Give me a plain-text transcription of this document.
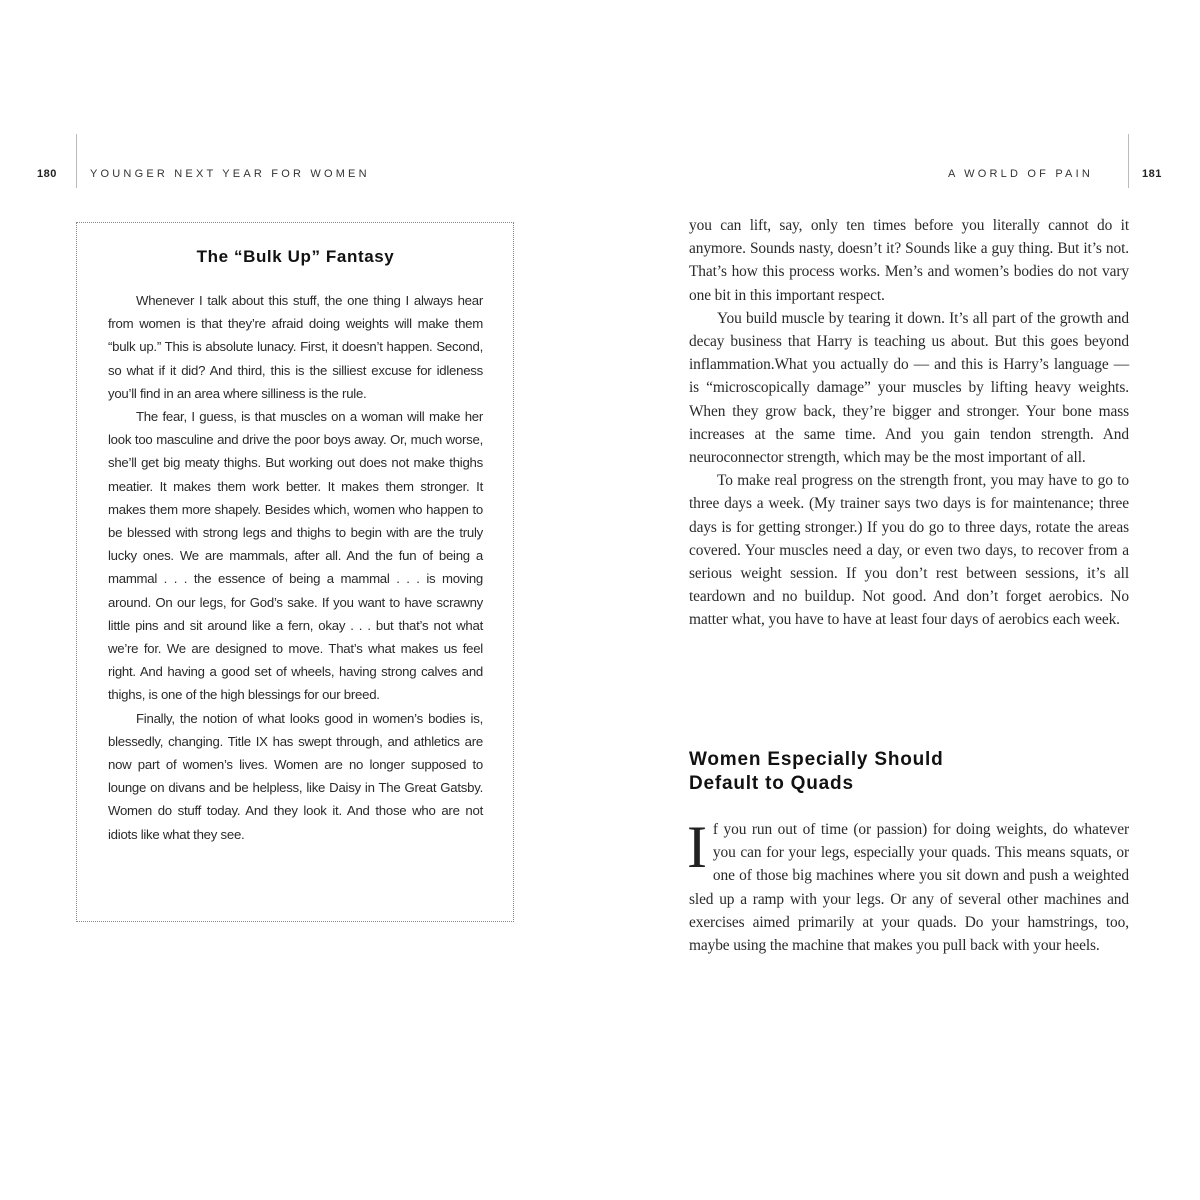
180	YOUNGER NEXT YEAR FOR WOMEN
The “Bulk Up” Fantasy

Whenever I talk about this stuff, the one thing I always hear from women is that they’re afraid doing weights will make them “bulk up.” This is absolute lunacy. First, it doesn’t happen. Second, so what if it did? And third, this is the silliest excuse for idleness you’ll find in an area where silliness is the rule.

The fear, I guess, is that muscles on a woman will make her look too masculine and drive the poor boys away. Or, much worse, she’ll get big meaty thighs. But working out does not make thighs meatier. It makes them work better. It makes them stronger. It makes them more shapely. Besides which, women who happen to be blessed with strong legs and thighs to begin with are the truly lucky ones. We are mammals, after all. And the fun of being a mammal . . . the essence of being a mammal . . . is moving around. On our legs, for God’s sake. If you want to have scrawny little pins and sit around like a fern, okay . . . but that’s not what we’re for. We are designed to move. That’s what makes us feel right. And having a good set of wheels, having strong calves and thighs, is one of the high blessings for our breed.

Finally, the notion of what looks good in women’s bodies is, blessedly, changing. Title IX has swept through, and athletics are now part of women’s lives. Women are no longer supposed to lounge on divans and be helpless, like Daisy in The Great Gatsby. Women do stuff today. And they look it. And those who are not idiots like what they see.

A WORLD OF PAIN	181

you can lift, say, only ten times before you literally cannot do it anymore. Sounds nasty, doesn’t it? Sounds like a guy thing. But it’s not. That’s how this process works. Men’s and women’s bodies do not vary one bit in this important respect.

You build muscle by tearing it down. It’s all part of the growth and decay business that Harry is teaching us about. But this goes beyond inflammation.What you actually do — and this is Harry’s language — is “microscopically damage” your muscles by lifting heavy weights. When they grow back, they’re bigger and stronger. Your bone mass increases at the same time. And you gain tendon strength. And neuroconnector strength, which may be the most important of all.

To make real progress on the strength front, you may have to go to three days a week. (My trainer says two days is for maintenance; three days is for getting stronger.) If you do go to three days, rotate the areas covered. Your muscles need a day, or even two days, to recover from a serious weight session. If you don’t rest between sessions, it’s all teardown and no buildup. Not good. And don’t forget aerobics. No matter what, you have to have at least four days of aerobics each week.

Women Especially Should
Default to Quads

If you run out of time (or passion) for doing weights, do whatever you can for your legs, especially your quads. This means squats, or one of those big machines where you sit down and push a weighted sled up a ramp with your legs. Or any of several other machines and exercises aimed primarily at your quads. Do your hamstrings, too, maybe using the machine that makes you pull back with your heels.
